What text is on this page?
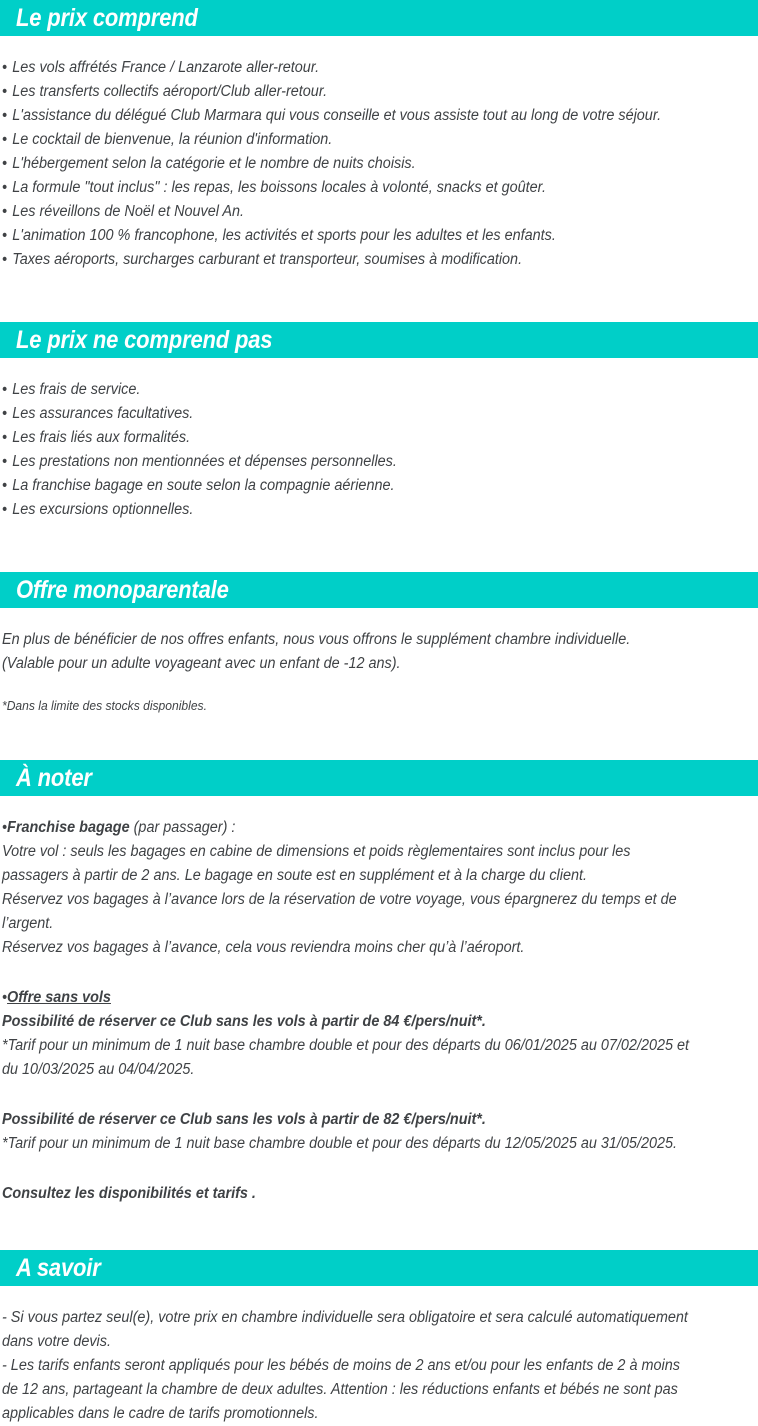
Le prix comprend
• Les vols affrétés France / Lanzarote aller-retour.
• Les transferts collectifs aéroport/Club aller-retour.
• L'assistance du délégué Club Marmara qui vous conseille et vous assiste tout au long de votre séjour.
• Le cocktail de bienvenue, la réunion d'information.
• L'hébergement selon la catégorie et le nombre de nuits choisis.
• La formule "tout inclus" : les repas, les boissons locales à volonté, snacks et goûter.
• Les réveillons de Noël et Nouvel An.
• L'animation 100 % francophone, les activités et sports pour les adultes et les enfants.
• Taxes aéroports, surcharges carburant et transporteur, soumises à modification.
Le prix ne comprend pas
• Les frais de service.
• Les assurances facultatives.
• Les frais liés aux formalités.
• Les prestations non mentionnées et dépenses personnelles.
• La franchise bagage en soute selon la compagnie aérienne.
• Les excursions optionnelles.
Offre monoparentale

En plus de bénéficier de nos offres enfants, nous vous offrons le supplément chambre individuelle.

(Valable pour un adulte voyageant avec un enfant de -12 ans).

*Dans la limite des stocks disponibles.

À noter

•Franchise bagage (par passager) :

Votre vol : seuls les bagages en cabine de dimensions et poids règlementaires sont inclus pour les passagers à partir de 2 ans. Le bagage en soute est en supplément et à la charge du client.

Réservez vos bagages à l’avance lors de la réservation de votre voyage, vous épargnerez du temps et de l’argent.

Réservez vos bagages à l’avance, cela vous reviendra moins cher qu’à l’aéroport.

•Offre sans vols

Possibilité de réserver ce Club sans les vols à partir de 84 €/pers/nuit*.

*Tarif pour un minimum de 1 nuit base chambre double et pour des départs du 06/01/2025 au 07/02/2025 et du 10/03/2025 au 04/04/2025.

Possibilité de réserver ce Club sans les vols à partir de 82 €/pers/nuit*.

*Tarif pour un minimum de 1 nuit base chambre double et pour des départs du 12/05/2025 au 31/05/2025.

Consultez les disponibilités et tarifs .

A savoir

- Si vous partez seul(e), votre prix en chambre individuelle sera obligatoire et sera calculé automatiquement dans votre devis.

- Les tarifs enfants seront appliqués pour les bébés de moins de 2 ans et/ou pour les enfants de 2 à moins de 12 ans, partageant la chambre de deux adultes. Attention : les réductions enfants et bébés ne sont pas applicables dans le cadre de tarifs promotionnels.
